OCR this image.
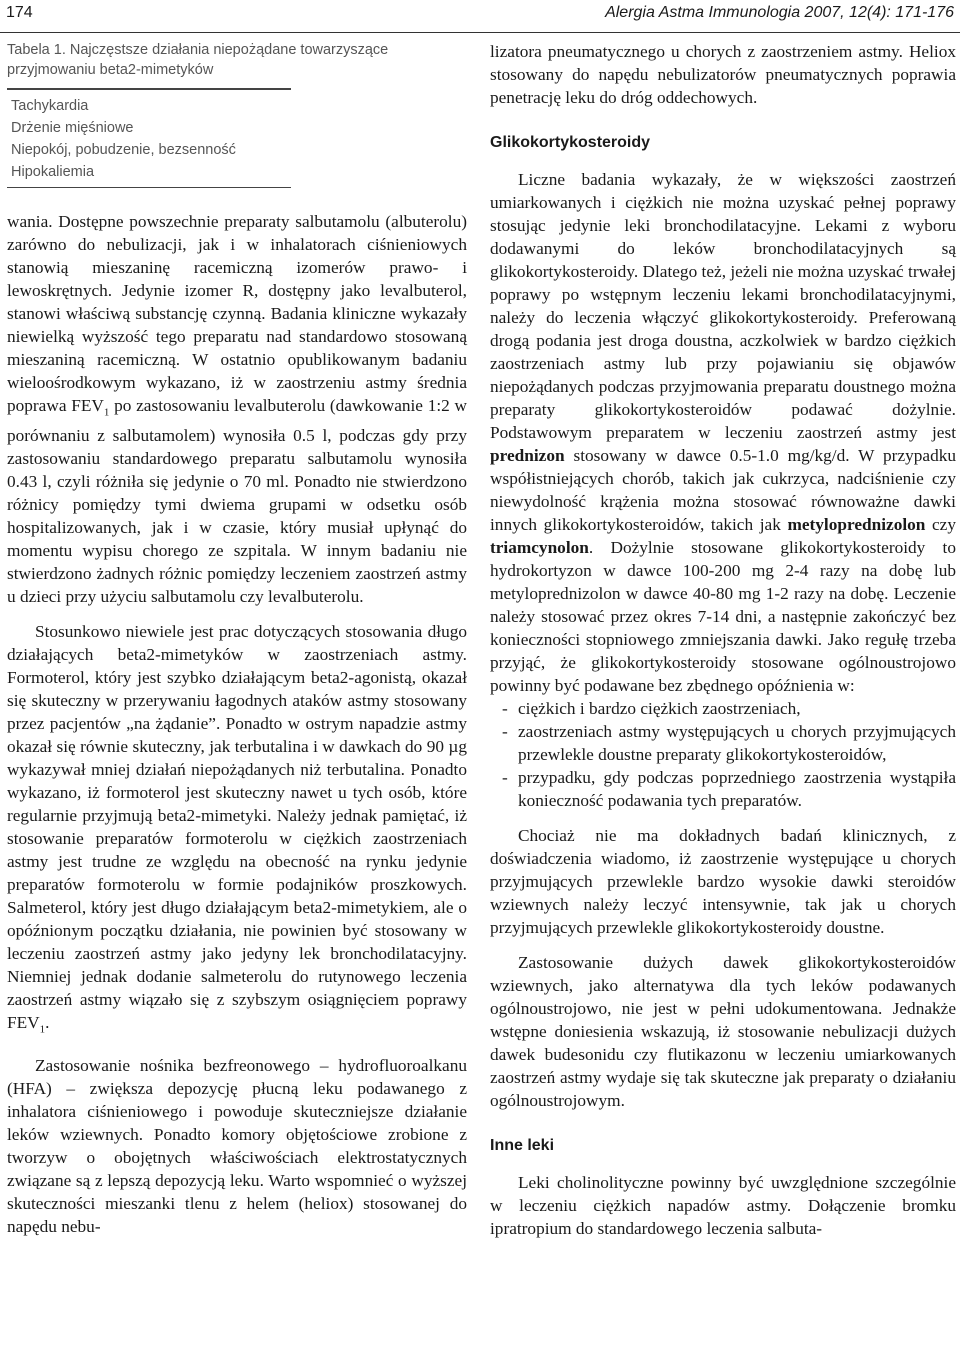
174	Alergia Astma Immunologia 2007, 12(4): 171-176
Tabela 1. Najczęstsze działania niepożądane towarzyszące przyjmowaniu beta2-mimetyków
Tachykardia
Drżenie mięśniowe
Niepokój, pobudzenie, bezsenność
Hipokaliemia

wania. Dostępne powszechnie preparaty salbutamolu (albuterolu) zarówno do nebulizacji, jak i w inhalatorach ciśnieniowych stanowią mieszaninę racemiczną izomerów prawo- i lewoskrętnych. Jedynie izomer R, dostępny jako levalbuterol, stanowi właściwą substancję czynną. Badania kliniczne wykazały niewielką wyższość tego preparatu nad standardowo stosowaną mieszaniną racemiczną. W ostatnio opublikowanym badaniu wieloośrodkowym wykazano, iż w zaostrzeniu astmy średnia poprawa $FEV_1$ po zastosowaniu levalbuterolu (dawkowanie 1:2 w porównaniu z salbutamolem) wynosiła 0.5 l, podczas gdy przy zastosowaniu standardowego preparatu salbutamolu wynosiła 0.43 l, czyli różniła się jedynie o 70 ml. Ponadto nie stwierdzono różnicy pomiędzy tymi dwiema grupami w odsetku osób hospitalizowanych, jak i w czasie, który musiał upłynąć do momentu wypisu chorego ze szpitala. W innym badaniu nie stwierdzono żadnych różnic pomiędzy leczeniem zaostrzeń astmy u dzieci przy użyciu salbutamolu czy levalbuterolu.

Stosunkowo niewiele jest prac dotyczących stosowania długo działających beta2-mimetyków w zaostrzeniach astmy. Formoterol, który jest szybko działającym beta2-agonistą, okazał się skuteczny w przerywaniu łagodnych ataków astmy stosowany przez pacjentów „na żądanie”. Ponadto w ostrym napadzie astmy okazał się równie skuteczny, jak terbutalina i w dawkach do 90 µg wykazywał mniej działań niepożądanych niż terbutalina. Ponadto wykazano, iż formoterol jest skuteczny nawet u tych osób, które regularnie przyjmują beta2-mimetyki. Należy jednak pamiętać, iż stosowanie preparatów formoterolu w ciężkich zaostrzeniach astmy jest trudne ze względu na obecność na rynku jedynie preparatów formoterolu w formie podajników proszkowych. Salmeterol, który jest długo działającym beta2-mimetykiem, ale o opóźnionym początku działania, nie powinien być stosowany w leczeniu zaostrzeń astmy jako jedyny lek bronchodilatacyjny. Niemniej jednak dodanie salmeterolu do rutynowego leczenia zaostrzeń astmy wiązało się z szybszym osiągnięciem poprawy $FEV_1$.

Zastosowanie nośnika bezfreonowego – hydrofluoroalkanu (HFA) – zwiększa depozycję płucną leku podawanego z inhalatora ciśnieniowego i powoduje skuteczniejsze działanie leków wziewnych. Ponadto komory objętościowe zrobione z tworzyw o obojętnych właściwościach elektrostatycznych związane są z lepszą depozycją leku. Warto wspomnieć o wyższej skuteczności mieszanki tlenu z helem (heliox) stosowanej do napędu nebu-

lizatora pneumatycznego u chorych z zaostrzeniem astmy. Heliox stosowany do napędu nebulizatorów pneumatycznych poprawia penetrację leku do dróg oddechowych.

Glikokortykosteroidy

Liczne badania wykazały, że w większości zaostrzeń umiarkowanych i ciężkich nie można uzyskać pełnej poprawy stosując jedynie leki bronchodilatacyjne. Lekami z wyboru dodawanymi do leków bronchodilatacyjnych są glikokortykosteroidy. Dlatego też, jeżeli nie można uzyskać trwałej poprawy po wstępnym leczeniu lekami bronchodilatacyjnymi, należy do leczenia włączyć glikokortykosteroidy. Preferowaną drogą podania jest droga doustna, aczkolwiek w bardzo ciężkich zaostrzeniach astmy lub przy pojawianiu się objawów niepożądanych podczas przyjmowania preparatu doustnego można preparaty glikokortykosteroidów podawać dożylnie. Podstawowym preparatem w leczeniu zaostrzeń astmy jest prednizon stosowany w dawce 0.5-1.0 mg/kg/d. W przypadku współistniejących chorób, takich jak cukrzyca, nadciśnienie czy niewydolność krążenia można stosować równoważne dawki innych glikokortykosteroidów, takich jak metyloprednizolon czy triamcynolon. Dożylnie stosowane glikokortykosteroidy to hydrokortyzon w dawce 100-200 mg 2-4 razy na dobę lub metyloprednizolon w dawce 40-80 mg 1-2 razy na dobę. Leczenie należy stosować przez okres 7-14 dni, a następnie zakończyć bez konieczności stopniowego zmniejszania dawki. Jako regułę trzeba przyjąć, że glikokortykosteroidy stosowane ogólnoustrojowo powinny być podawane bez zbędnego opóźnienia w:

- ciężkich i bardzo ciężkich zaostrzeniach,
- zaostrzeniach astmy występujących u chorych przyjmujących przewlekle doustne preparaty glikokortykosteroidów,
- przypadku, gdy podczas poprzedniego zaostrzenia wystąpiła konieczność podawania tych preparatów.

Chociaż nie ma dokładnych badań klinicznych, z doświadczenia wiadomo, iż zaostrzenie występujące u chorych przyjmujących przewlekle bardzo wysokie dawki steroidów wziewnych należy leczyć intensywnie, tak jak u chorych przyjmujących przewlekle glikokortykosteroidy doustne.

Zastosowanie dużych dawek glikokortykosteroidów wziewnych, jako alternatywa dla tych leków podawanych ogólnoustrojowo, nie jest w pełni udokumentowana. Jednakże wstępne doniesienia wskazują, iż stosowanie nebulizacji dużych dawek budesonidu czy flutikazonu w leczeniu umiarkowanych zaostrzeń astmy wydaje się tak skuteczne jak preparaty o działaniu ogólnoustrojowym.

Inne leki

Leki cholinolityczne powinny być uwzględnione szczególnie w leczeniu ciężkich napadów astmy. Dołączenie bromku ipratropium do standardowego leczenia salbuta-
